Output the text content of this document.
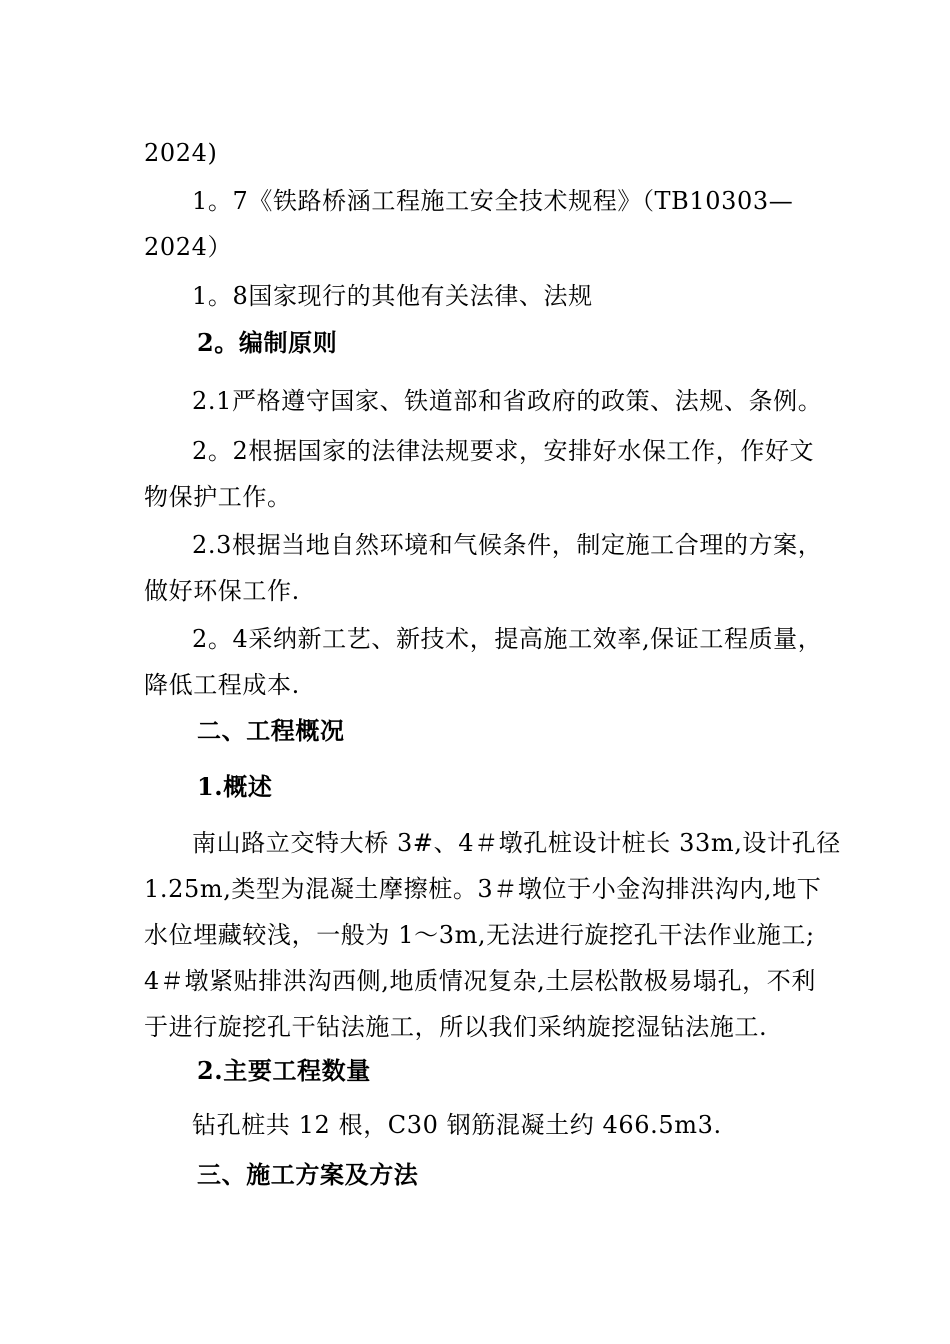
2024)
1。7《铁路桥涵工程施工安全技术规程》（TB10303—
2024）
1。8国家现行的其他有关法律、法规
2。编制原则
2.1严格遵守国家、铁道部和省政府的政策、法规、条例。
2。2根据国家的法律法规要求，安排好水保工作，作好文
物保护工作。
2.3根据当地自然环境和气候条件，制定施工合理的方案，
做好环保工作.
2。4采纳新工艺、新技术，提高施工效率,保证工程质量，
降低工程成本.
二、工程概况
1.概述
南山路立交特大桥 3#、4＃墩孔桩设计桩长 33m,设计孔径
1.25m,类型为混凝土摩擦桩。3＃墩位于小金沟排洪沟内,地下
水位埋藏较浅，一般为 1～3m,无法进行旋挖孔干法作业施工;
4＃墩紧贴排洪沟西侧,地质情况复杂,土层松散极易塌孔，不利
于进行旋挖孔干钻法施工，所以我们采纳旋挖湿钻法施工.
2.主要工程数量
钻孔桩共 12 根，C30 钢筋混凝土约 466.5m3.
三、施工方案及方法
